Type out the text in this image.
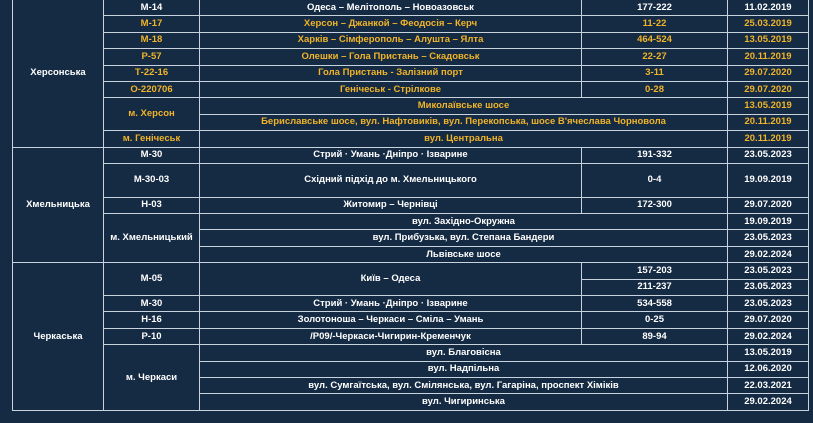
Херсонська	М-14	Одеса – Мелітополь – Новоазовськ	177-222	11.02.2019
	М-17	Херсон – Джанкой – Феодосія – Керч	11-22	25.03.2019
	М-18	Харків – Сімферополь – Алушта – Ялта	464-524	13.05.2019
	Р-57	Олешки – Гола Пристань – Скадовськ	22-27	20.11.2019
	Т-22-16	Гола Пристань - Залізний порт	3-11	29.07.2020
	О-220706	Генічеськ - Стрілкове	0-28	29.07.2020
	м. Херсон	Миколаївське шосе		13.05.2019
		Бериславське шосе, вул. Нафтовиків, вул. Перекопська, шосе В'ячеслава Чорновола		20.11.2019
	м. Генічеськ	вул. Центральна		20.11.2019
Хмельницька	М-30	Стрий · Умань ·Дніпро · Ізварине	191-332	23.05.2023
	М-30-03	Східний підхід до м. Хмельницького	0-4	19.09.2019
	Н-03	Житомир – Чернівці	172-300	29.07.2020
	м. Хмельницький	вул. Західно-Окружна		19.09.2019
		вул. Прибузька, вул. Степана Бандери		23.05.2023
		Львівське шосе		29.02.2024
Черкаська	М-05	Київ – Одеса	157-203	23.05.2023
			211-237	23.05.2023
	М-30	Стрий · Умань ·Дніпро · Ізварине	534-558	23.05.2023
	Н-16	Золотоноша – Черкаси – Сміла – Умань	0-25	29.07.2020
	Р-10	/Р09/-Черкаси-Чигирин-Кременчук	89-94	29.02.2024
	м. Черкаси	вул. Благовісна		13.05.2019
		вул. Надпільна		12.06.2020
		вул. Сумгаїтська, вул. Смілянська, вул. Гагаріна, проспект Хіміків		22.03.2021
		вул. Чигиринська		29.02.2024
